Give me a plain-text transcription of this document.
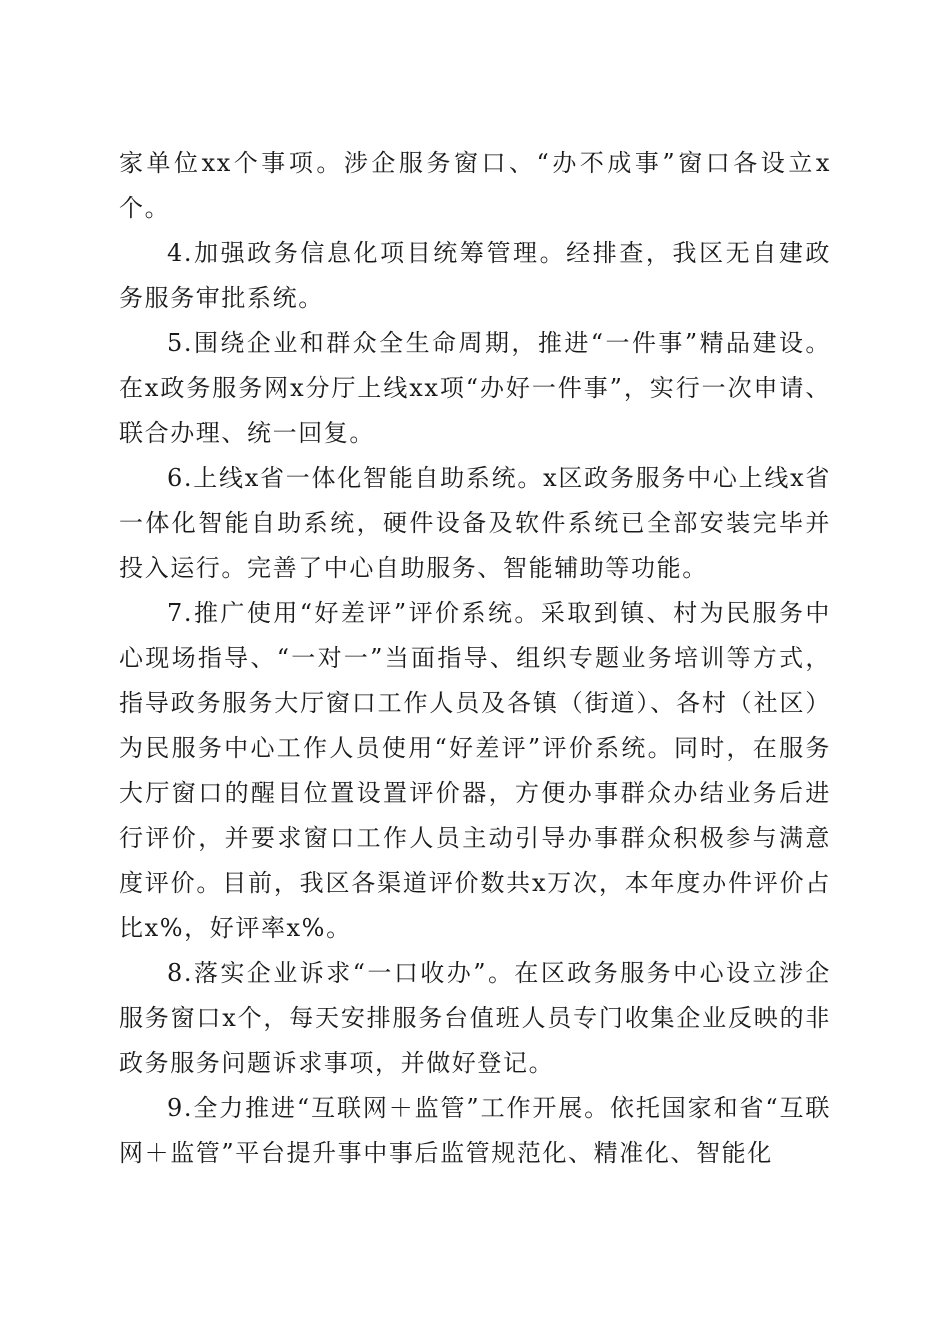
家单位xx个事项。涉企服务窗口、“办不成事”窗口各设立x个。

4.加强政务信息化项目统筹管理。经排查，我区无自建政务服务审批系统。

5.围绕企业和群众全生命周期，推进“一件事”精品建设。在x政务服务网x分厅上线xx项“办好一件事”，实行一次申请、联合办理、统一回复。

6.上线x省一体化智能自助系统。x区政务服务中心上线x省一体化智能自助系统，硬件设备及软件系统已全部安装完毕并投入运行。完善了中心自助服务、智能辅助等功能。

7.推广使用“好差评”评价系统。采取到镇、村为民服务中心现场指导、“一对一”当面指导、组织专题业务培训等方式，指导政务服务大厅窗口工作人员及各镇（街道）、各村（社区）为民服务中心工作人员使用“好差评”评价系统。同时，在服务大厅窗口的醒目位置设置评价器，方便办事群众办结业务后进行评价，并要求窗口工作人员主动引导办事群众积极参与满意度评价。目前，我区各渠道评价数共x万次，本年度办件评价占比x%，好评率x%。

8.落实企业诉求“一口收办”。在区政务服务中心设立涉企服务窗口x个，每天安排服务台值班人员专门收集企业反映的非政务服务问题诉求事项，并做好登记。

9.全力推进“互联网＋监管”工作开展。依托国家和省“互联网＋监管”平台提升事中事后监管规范化、精准化、智能化
